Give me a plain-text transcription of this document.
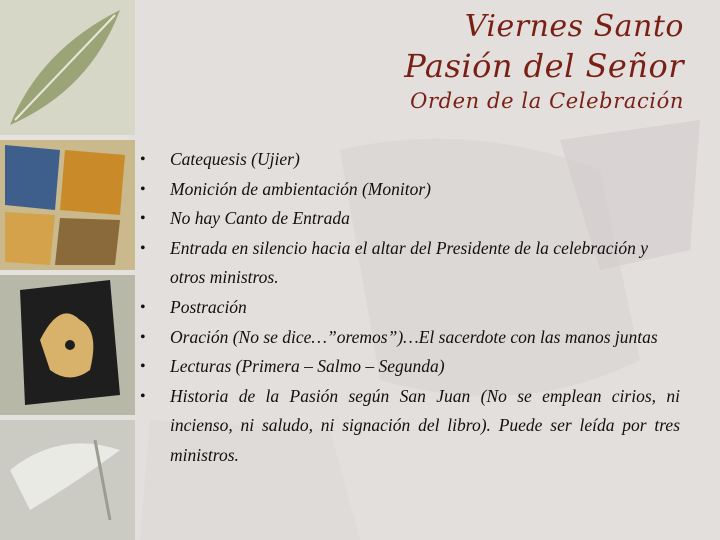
Viernes Santo
Pasión del Señor
Orden de la Celebración
• Catequesis (Ujier)
• Monición de ambientación (Monitor)
• No hay Canto de Entrada
• Entrada en silencio hacia el altar del Presidente de la celebración y otros ministros.
• Postración
• Oración (No se dice…”oremos”)…El sacerdote con las manos juntas
• Lecturas (Primera – Salmo – Segunda)
• Historia de la Pasión según San Juan (No se emplean cirios, ni incienso, ni saludo, ni signación del libro). Puede ser leída por tres ministros.
